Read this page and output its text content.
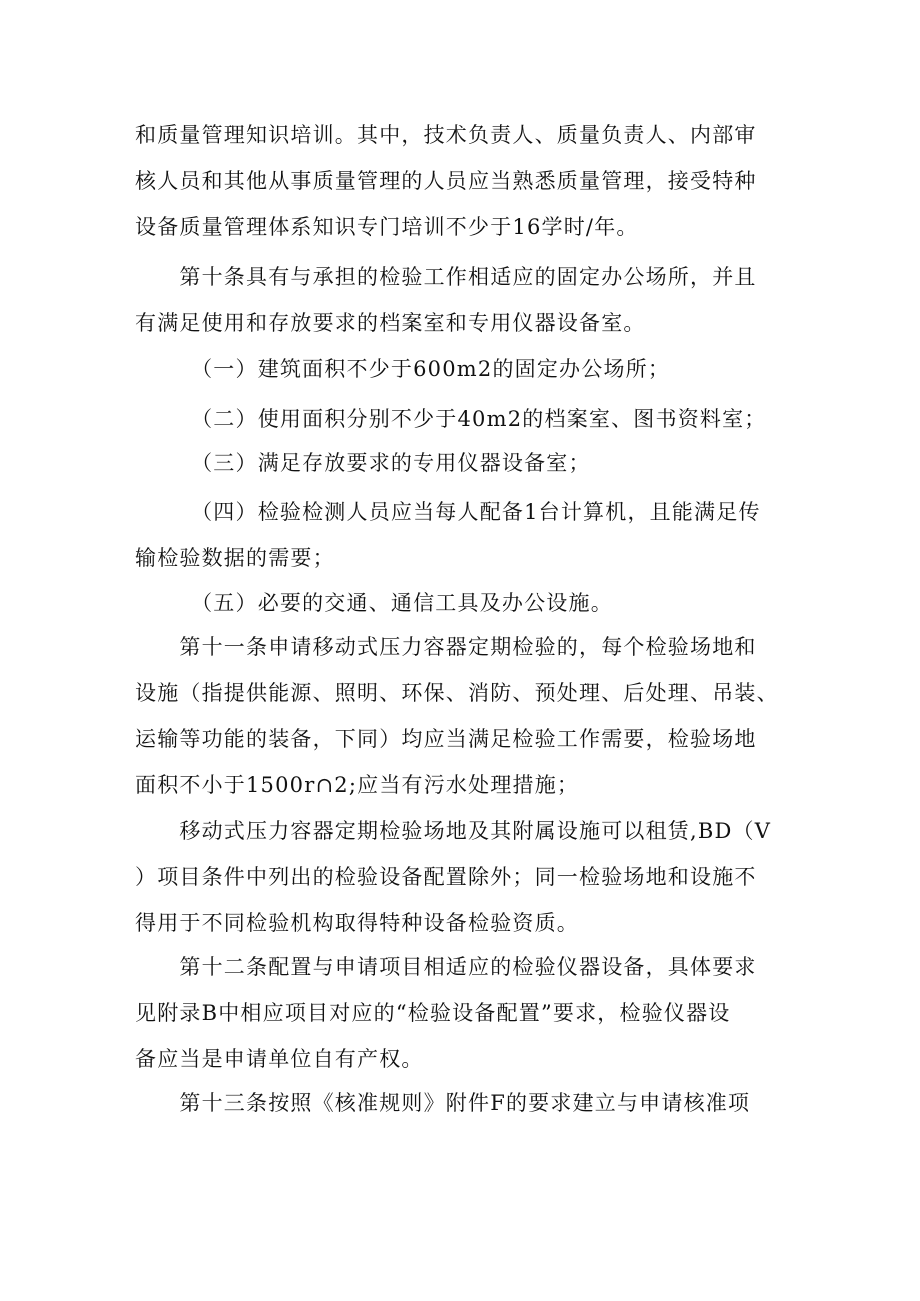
和质量管理知识培训。其中，技术负责人、质量负责人、内部审
核人员和其他从事质量管理的人员应当熟悉质量管理，接受特种
设备质量管理体系知识专门培训不少于16学时/年。

　　第十条具有与承担的检验工作相适应的固定办公场所，并且
有满足使用和存放要求的档案室和专用仪器设备室。

　　　（一）建筑面积不少于600m2的固定办公场所；

　　　（二）使用面积分别不少于40m2的档案室、图书资料室；

　　　（三）满足存放要求的专用仪器设备室；

　　　（四）检验检测人员应当每人配备1台计算机，且能满足传
输检验数据的需要；

　　　（五）必要的交通、通信工具及办公设施。

　　第十一条申请移动式压力容器定期检验的，每个检验场地和
设施（指提供能源、照明、环保、消防、预处理、后处理、吊装、
运输等功能的装备，下同）均应当满足检验工作需要，检验场地
面积不小于1500r∩2;应当有污水处理措施；

　　移动式压力容器定期检验场地及其附属设施可以租赁,BD（V
）项目条件中列出的检验设备配置除外；同一检验场地和设施不
得用于不同检验机构取得特种设备检验资质。

　　第十二条配置与申请项目相适应的检验仪器设备，具体要求
见附录B中相应项目对应的“检验设备配置”要求，检验仪器设
备应当是申请单位自有产权。

　　第十三条按照《核准规则》附件F的要求建立与申请核准项
